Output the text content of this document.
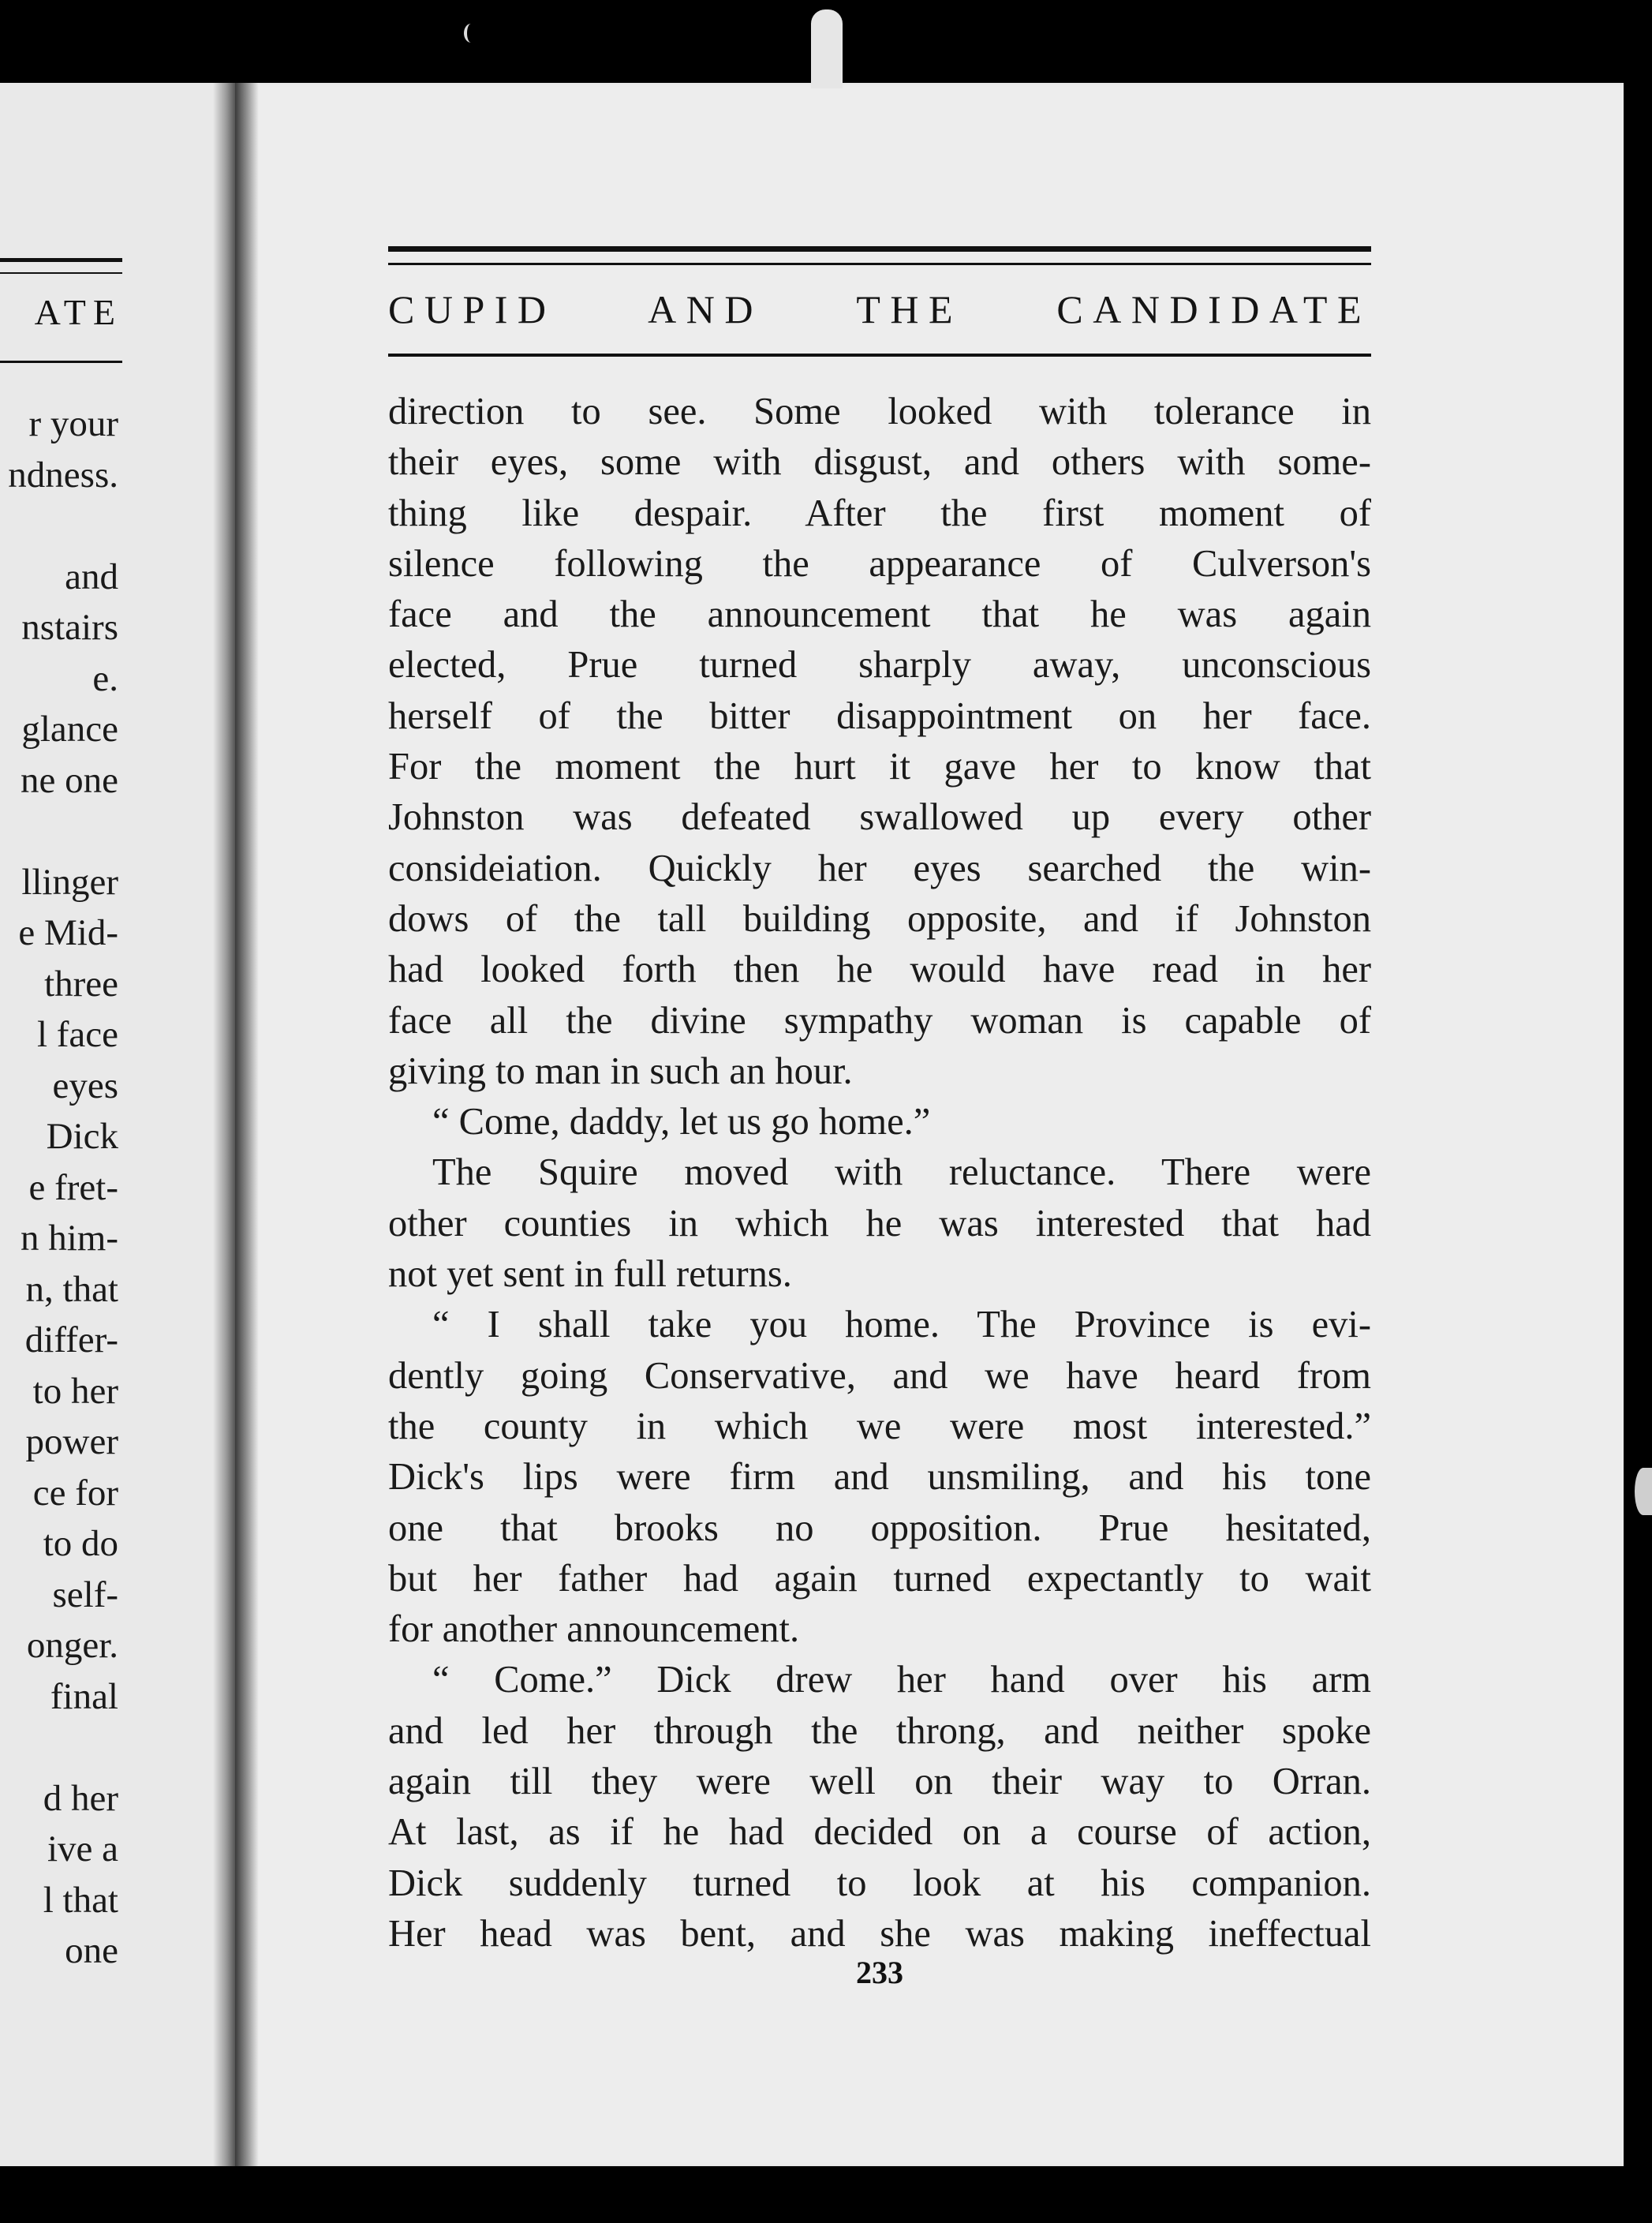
ATE
r your
ndness.
and
nstairs
e.
glance
ne one
llinger
e Mid-
three
l face
eyes
Dick
e fret-
n him-
n, that
differ-
to her
power
ce for
to do
self-
onger.
final
d her
ive a
l that
one
CUPID AND THE CANDIDATE
direction to see. Some looked with tolerance in
their eyes, some with disgust, and others with some-
thing like despair. After the first moment of
silence following the appearance of Culverson's
face and the announcement that he was again
elected, Prue turned sharply away, unconscious
herself of the bitter disappointment on her face.
For the moment the hurt it gave her to know that
Johnston was defeated swallowed up every other
consideiation. Quickly her eyes searched the win-
dows of the tall building opposite, and if Johnston
had looked forth then he would have read in her
face all the divine sympathy woman is capable of
giving to man in such an hour.
“ Come, daddy, let us go home.”
The Squire moved with reluctance. There were
other counties in which he was interested that had
not yet sent in full returns.
“ I shall take you home. The Province is evi-
dently going Conservative, and we have heard from
the county in which we were most interested.”
Dick's lips were firm and unsmiling, and his tone
one that brooks no opposition. Prue hesitated,
but her father had again turned expectantly to wait
for another announcement.
“ Come.” Dick drew her hand over his arm
and led her through the throng, and neither spoke
again till they were well on their way to Orran.
At last, as if he had decided on a course of action,
Dick suddenly turned to look at his companion.
Her head was bent, and she was making ineffectual
233
